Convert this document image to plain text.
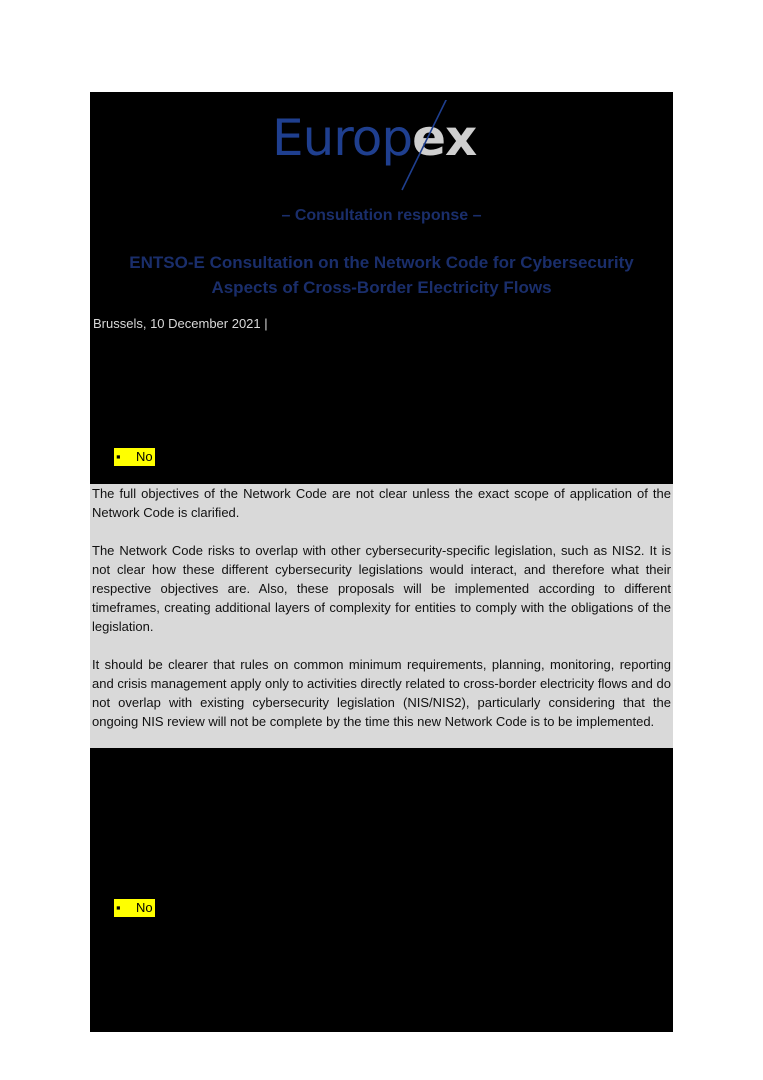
Europex
– Consultation response –
ENTSO-E Consultation on the Network Code for Cybersecurity Aspects of Cross-Border Electricity Flows
Brussels, 10 December 2021 |
▪ No

The full objectives of the Network Code are not clear unless the exact scope of application of the Network Code is clarified.

The Network Code risks to overlap with other cybersecurity-specific legislation, such as NIS2. It is not clear how these different cybersecurity legislations would interact, and therefore what their respective objectives are. Also, these proposals will be implemented according to different timeframes, creating additional layers of complexity for entities to comply with the obligations of the legislation.

It should be clearer that rules on common minimum requirements, planning, monitoring, reporting and crisis management apply only to activities directly related to cross-border electricity flows and do not overlap with existing cybersecurity legislation (NIS/NIS2), particularly considering that the ongoing NIS review will not be complete by the time this new Network Code is to be implemented.

▪ No
